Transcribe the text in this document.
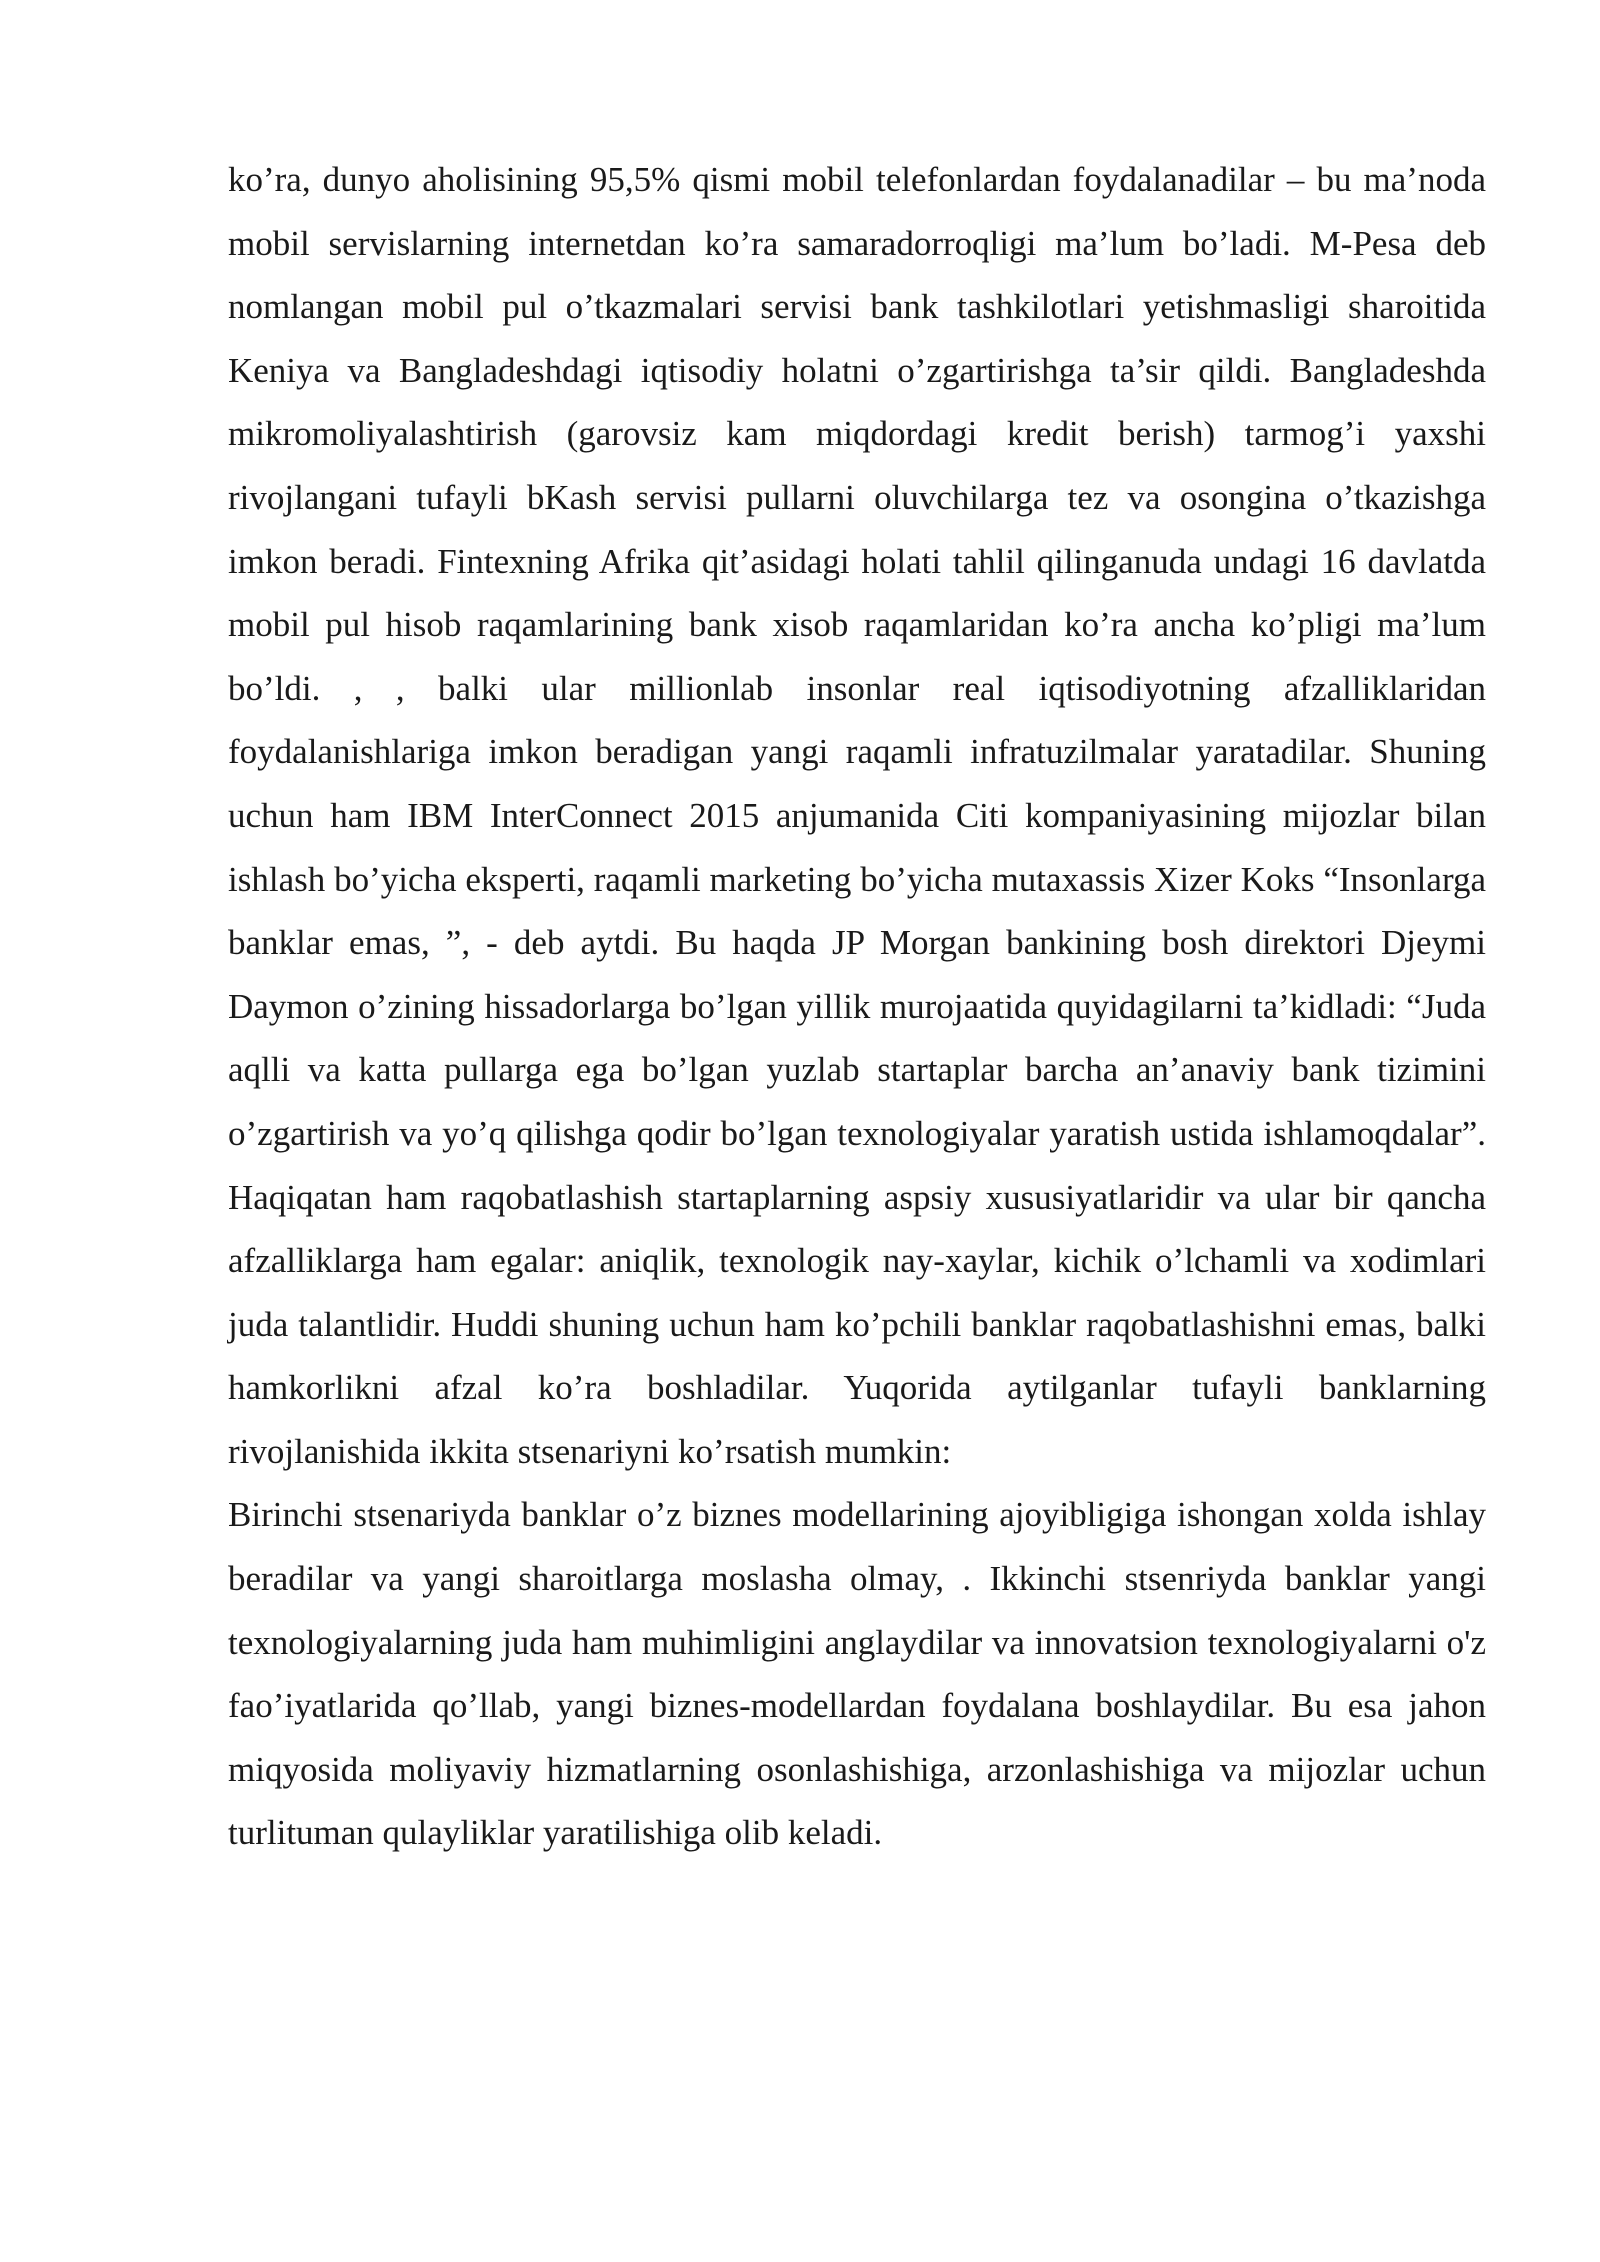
ko’ra, dunyo aholisining 95,5% qismi mobil telefonlardan foydalanadilar – bu ma’noda mobil servislarning internetdan ko’ra samaradorroqligi ma’lum bo’ladi. M-Pesa deb nomlangan mobil pul o’tkazmalari servisi bank tashkilotlari yetishmasligi sharoitida Keniya va Bangladeshdagi iqtisodiy holatni o’zgartirishga ta’sir qildi. Bangladeshda mikromoliyalashtirish (garovsiz kam miqdordagi kredit berish) tarmog’i yaxshi rivojlangani tufayli bKash servisi pullarni oluvchilarga tez va osongina o’tkazishga imkon beradi. Fintexning Afrika qit’asidagi holati tahlil qilinganuda undagi 16 davlatda mobil pul hisob raqamlarining bank xisob raqamlaridan ko’ra ancha ko’pligi ma’lum bo’ldi. , , balki ular millionlab insonlar real iqtisodiyotning afzalliklaridan foydalanishlariga imkon beradigan yangi raqamli infratuzilmalar yaratadilar. Shuning uchun ham IBM InterConnect 2015 anjumanida Citi kompaniyasining mijozlar bilan ishlash bo’yicha eksperti, raqamli marketing bo’yicha mutaxassis Xizer Koks “Insonlarga banklar emas, ”, - deb aytdi. Bu haqda JP Morgan bankining bosh direktori Djeymi Daymon o’zining hissadorlarga bo’lgan yillik murojaatida quyidagilarni ta’kidladi: “Juda aqlli va katta pullarga ega bo’lgan yuzlab startaplar barcha an’anaviy bank tizimini o’zgartirish va yo’q qilishga qodir bo’lgan texnologiyalar yaratish ustida ishlamoqdalar”. Haqiqatan ham raqobatlashish startaplarning aspsiy xususiyatlaridir va ular bir qancha afzalliklarga ham egalar: aniqlik, texnologik nay-xaylar, kichik o’lchamli va xodimlari juda talantlidir. Huddi shuning uchun ham ko’pchili banklar raqobatlashishni emas, balki hamkorlikni afzal ko’ra boshladilar. Yuqorida aytilganlar tufayli banklarning rivojlanishida ikkita stsenariyni ko’rsatish mumkin:

Birinchi stsenariyda banklar o’z biznes modellarining ajoyibligiga ishongan xolda ishlay beradilar va yangi sharoitlarga moslasha olmay, . Ikkinchi stsenriyda banklar yangi texnologiyalarning juda ham muhimligini anglaydilar va innovatsion texnologiyalarni o'z fao’iyatlarida qo’llab, yangi biznes-modellardan foydalana boshlaydilar. Bu esa jahon miqyosida moliyaviy hizmatlarning osonlashishiga, arzonlashishiga va mijozlar uchun turlituman qulayliklar yaratilishiga olib keladi.
